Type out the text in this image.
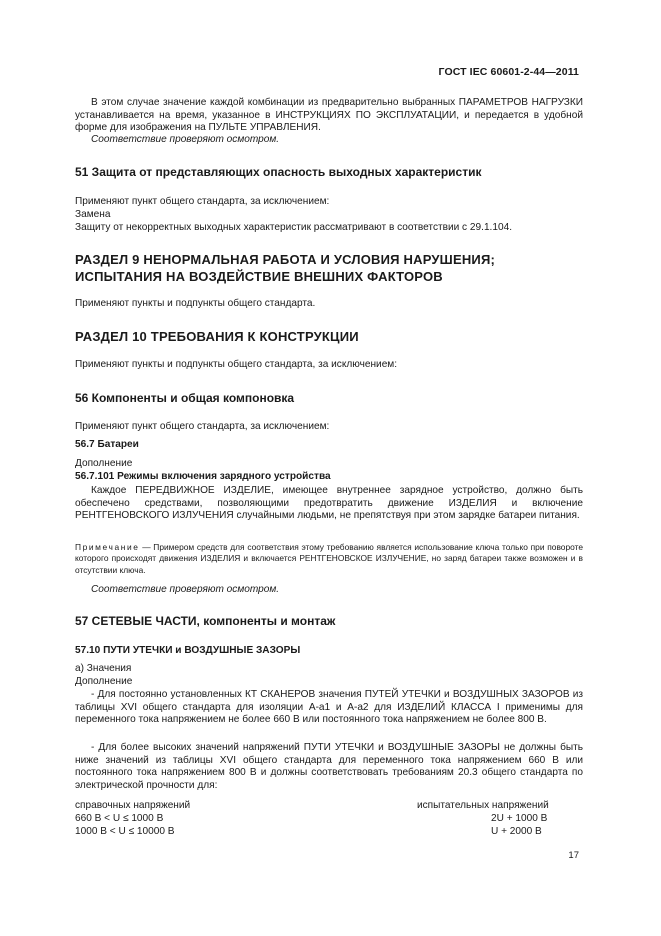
ГОСТ IEC 60601-2-44—2011
В этом случае значение каждой комбинации из предварительно выбранных ПАРАМЕТРОВ НАГРУЗКИ устанавливается на время, указанное в ИНСТРУКЦИЯХ ПО ЭКСПЛУАТАЦИИ, и передается в удобной форме для изображения на ПУЛЬТЕ УПРАВЛЕНИЯ.
Соответствие проверяют осмотром.
51 Защита от представляющих опасность выходных характеристик
Применяют пункт общего стандарта, за исключением:
Замена
Защиту от некорректных выходных характеристик рассматривают в соответствии с 29.1.104.
РАЗДЕЛ 9 НЕНОРМАЛЬНАЯ РАБОТА И УСЛОВИЯ НАРУШЕНИЯ;
ИСПЫТАНИЯ НА ВОЗДЕЙСТВИЕ ВНЕШНИХ ФАКТОРОВ
Применяют пункты и подпункты общего стандарта.
РАЗДЕЛ 10 ТРЕБОВАНИЯ К КОНСТРУКЦИИ
Применяют пункты и подпункты общего стандарта, за исключением:
56 Компоненты и общая компоновка
Применяют пункт общего стандарта, за исключением:
56.7 Батареи
Дополнение
56.7.101 Режимы включения зарядного устройства
Каждое ПЕРЕДВИЖНОЕ ИЗДЕЛИЕ, имеющее внутреннее зарядное устройство, должно быть обеспечено средствами, позволяющими предотвратить движение ИЗДЕЛИЯ и включение РЕНТГЕНОВСКОГО ИЗЛУЧЕНИЯ случайными людьми, не препятствуя при этом зарядке батареи питания.
Примечание — Примером средств для соответствия этому требованию является использование ключа только при повороте которого происходят движения ИЗДЕЛИЯ и включается РЕНТГЕНОВСКОЕ ИЗЛУЧЕНИЕ, но заряд батареи также возможен и в отсутствии ключа.
Соответствие проверяют осмотром.
57 СЕТЕВЫЕ ЧАСТИ, компоненты и монтаж
57.10 ПУТИ УТЕЧКИ и ВОЗДУШНЫЕ ЗАЗОРЫ
а) Значения
Дополнение
- Для постоянно установленных КТ СКАНЕРОВ значения ПУТЕЙ УТЕЧКИ и ВОЗДУШНЫХ ЗАЗОРОВ из таблицы XVI общего стандарта для изоляции A-a1 и A-a2 для ИЗДЕЛИЙ КЛАССА I применимы для переменного тока напряжением не более 660 В или постоянного тока напряжением не более 800 В.
- Для более высоких значений напряжений ПУТИ УТЕЧКИ и ВОЗДУШНЫЕ ЗАЗОРЫ не должны быть ниже значений из таблицы XVI общего стандарта для переменного тока напряжением 660 В или постоянного тока напряжением 800 В и должны соответствовать требованиям 20.3 общего стандарта по электрической прочности для:
справочных напряжений	испытательных напряжений
660 В < U ≤ 1000 В	2U + 1000 В
1000 В < U ≤ 10000 В	U + 2000 В
17
